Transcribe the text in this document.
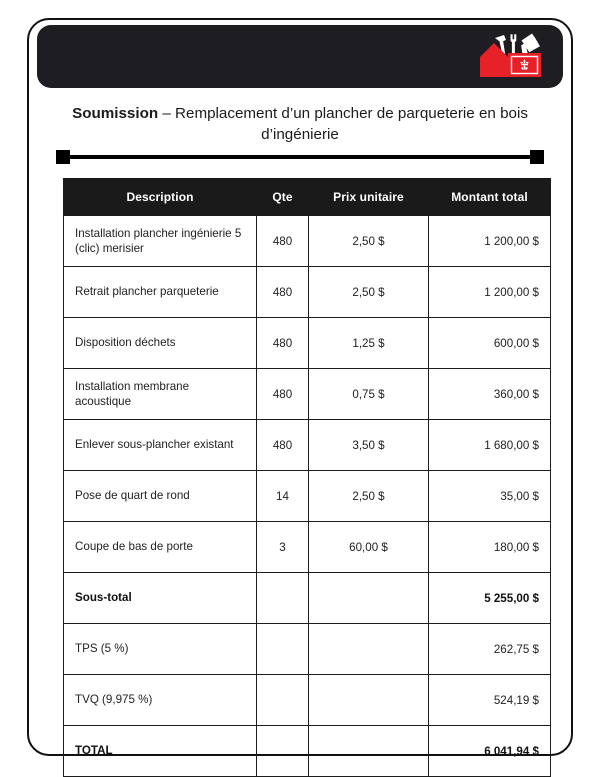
Soumission – Remplacement d’un plancher de parqueterie en bois d’ingénierie
Description	Qte	Prix unitaire	Montant total
Installation plancher ingénierie 5 (clic) merisier	480	2,50 $	1 200,00 $
Retrait plancher parqueterie	480	2,50 $	1 200,00 $
Disposition déchets	480	1,25 $	600,00 $
Installation membrane acoustique	480	0,75 $	360,00 $
Enlever sous-plancher existant	480	3,50 $	1 680,00 $
Pose de quart de rond	14	2,50 $	35,00 $
Coupe de bas de porte	3	60,00 $	180,00 $
Sous-total			5 255,00 $
TPS (5 %)			262,75 $
TVQ (9,975 %)			524,19 $
TOTAL			6 041,94 $
